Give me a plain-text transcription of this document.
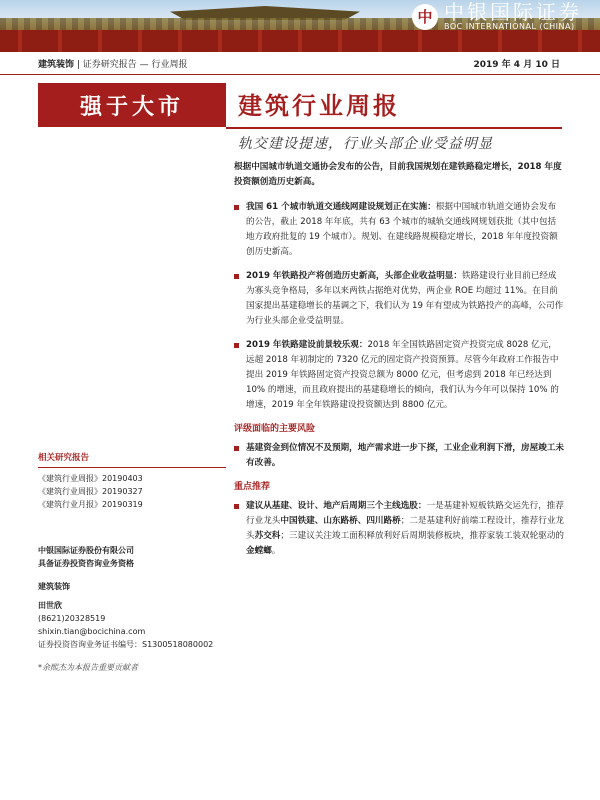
中 中银国际证券
BOC INTERNATIONAL (CHINA)
建筑装饰 | 证券研究报告 — 行业周报	2019 年 4 月 10 日
强于大市	建筑行业周报
轨交建设提速，行业头部企业受益明显
根据中国城市轨道交通协会发布的公告，目前我国规划在建铁路稳定增长，2018 年度投资额创造历史新高。
我国 61 个城市轨道交通线网建设规划正在实施：根据中国城市轨道交通协会发布的公告，截止 2018 年年底，共有 63 个城市的城轨交通线网规划获批（其中包括地方政府批复的 19 个城市）。规划、在建线路规模稳定增长，2018 年年度投资额创历史新高。
2019 年铁路投产将创造历史新高，头部企业收益明显：铁路建设行业目前已经成为寡头竞争格局，多年以来两铁占据绝对优势，两企业 ROE 均超过 11%。在目前国家提出基建稳增长的基调之下，我们认为 19 年有望成为铁路投产的高峰，公司作为行业头部企业受益明显。
2019 年铁路建设前景较乐观：2018 年全国铁路固定资产投资完成 8028 亿元，远超 2018 年初制定的 7320 亿元的固定资产投资预算。尽管今年政府工作报告中提出 2019 年铁路固定资产投资总额为 8000 亿元，但考虑到 2018 年已经达到 10% 的增速，而且政府提出的基建稳增长的倾向，我们认为今年可以保持 10% 的增速，2019 年全年铁路建设投资额达到 8800 亿元。
评级面临的主要风险
基建资金到位情况不及预期，地产需求进一步下探，工业企业利润下滑，房屋竣工未有改善。
重点推荐
建议从基建、设计、地产后周期三个主线选股：一是基建补短板铁路交运先行，推荐行业龙头中国铁建、山东路桥、四川路桥；二是基建利好前端工程设计，推荐行业龙头苏交科；三建议关注竣工面积释放利好后周期装修板块，推荐家装工装双轮驱动的金螳螂。
相关研究报告
《建筑行业周报》20190403
《建筑行业周报》20190327
《建筑行业月报》20190319
中银国际证券股份有限公司
具备证券投资咨询业务资格
建筑装饰
田世欣
(8621)20328519
shixin.tian@bocichina.com
证券投资咨询业务证书编号：S1300518080002
*余熙杰为本报告重要贡献者
